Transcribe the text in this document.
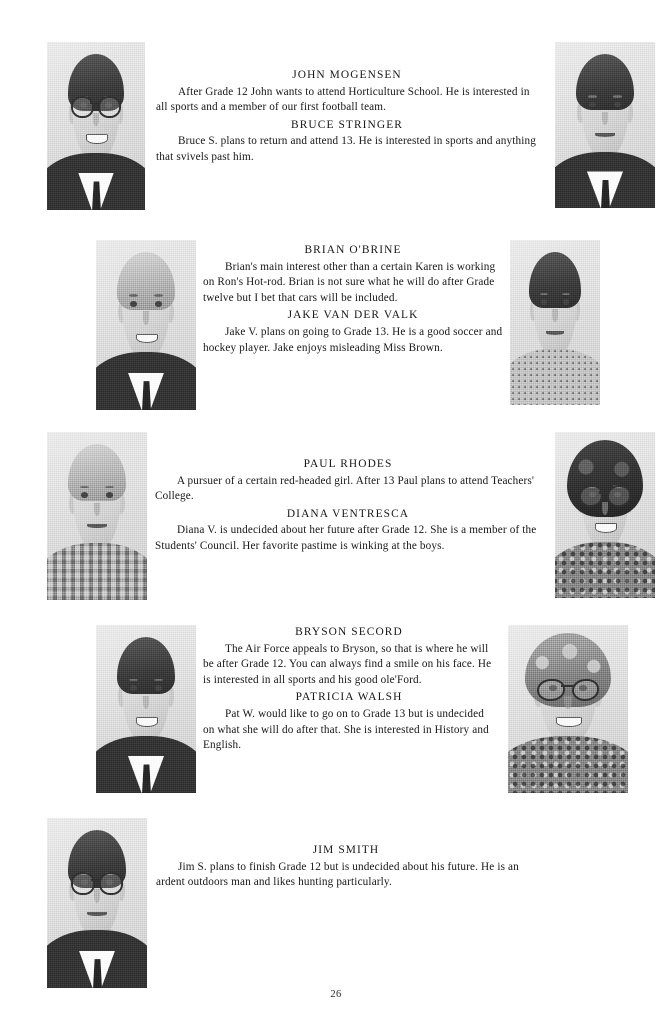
JOHN MOGENSEN
After Grade 12 John wants to attend Horticulture School. He is interested in all sports and a member of our first football team.
BRUCE STRINGER
Bruce S. plans to return and attend 13. He is interested in sports and anything that svivels past him.
BRIAN O'BRINE
Brian's main interest other than a certain Karen is working on Ron's Hot-rod. Brian is not sure what he will do after Grade twelve but I bet that cars will be included.
JAKE VAN DER VALK
Jake V. plans on going to Grade 13. He is a good soccer and hockey player. Jake enjoys misleading Miss Brown.
PAUL RHODES
A pursuer of a certain red-headed girl. After 13 Paul plans to attend Teachers' College.
DIANA VENTRESCA
Diana V. is undecided about her future after Grade 12. She is a member of the Students' Council. Her favorite pastime is winking at the boys.
BRYSON SECORD
The Air Force appeals to Bryson, so that is where he will be after Grade 12. You can always find a smile on his face. He is interested in all sports and his good ole'Ford.
PATRICIA WALSH
Pat W. would like to go on to Grade 13 but is undecided on what she will do after that. She is interested in History and English.
JIM SMITH
Jim S. plans to finish Grade 12 but is undecided about his future. He is an ardent outdoors man and likes hunting particularly.
26
